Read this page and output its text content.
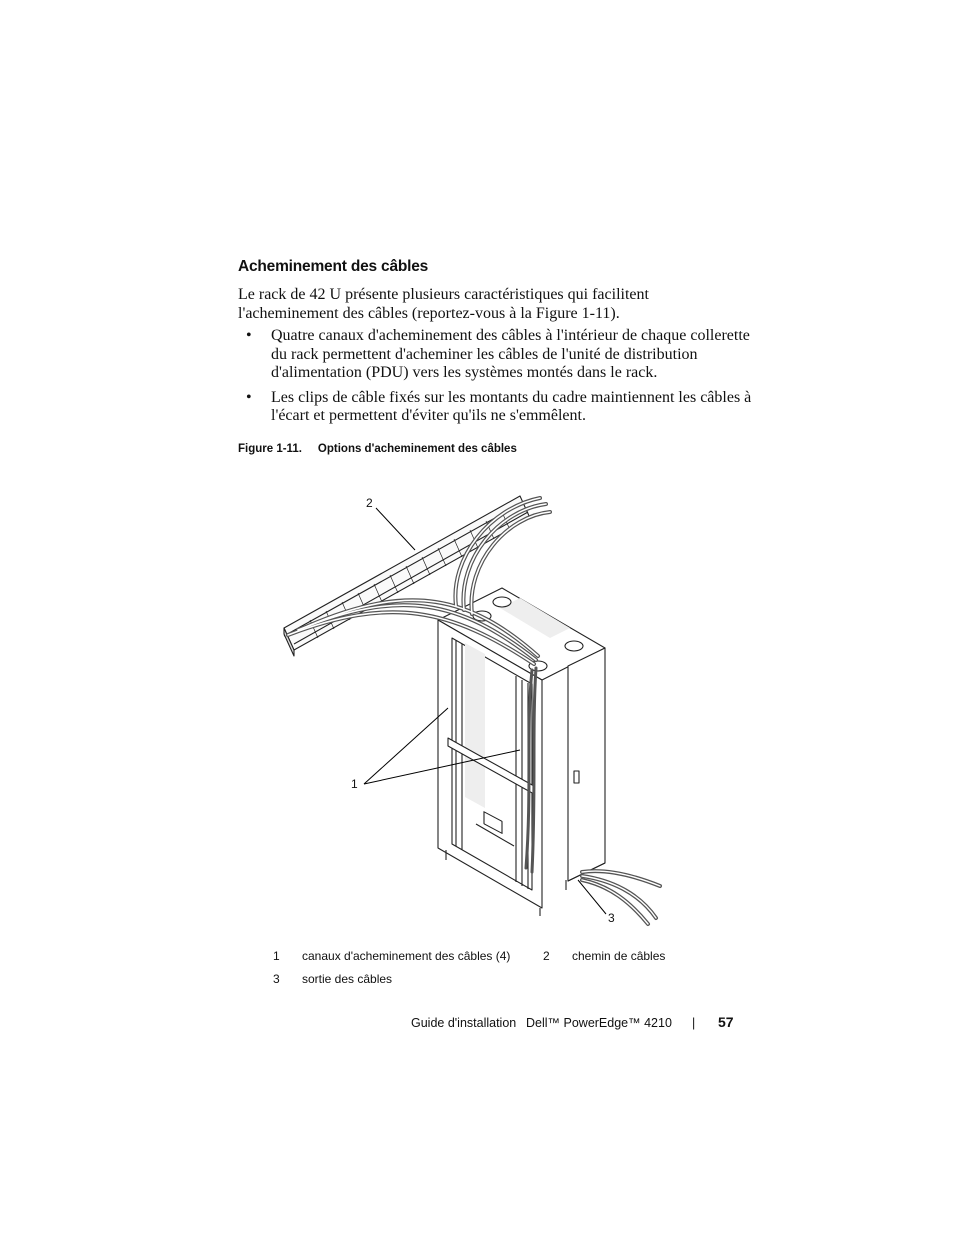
Acheminement des câbles
Le rack de 42 U présente plusieurs caractéristiques qui facilitent l'acheminement des câbles (reportez-vous à la Figure 1-11).
• Quatre canaux d'acheminement des câbles à l'intérieur de chaque collerette du rack permettent d'acheminer les câbles de l'unité de distribution d'alimentation (PDU) vers les systèmes montés dans le rack.
• Les clips de câble fixés sur les montants du cadre maintiennent les câbles à l'écart et permettent d'éviter qu'ils ne s'emmêlent.
Figure 1-11. Options d'acheminement des câbles
2
1
3
1 canaux d'acheminement des câbles (4)	2 chemin de câbles
3 sortie des câbles
Guide d'installation Dell™ PowerEdge™ 4210 | 57
